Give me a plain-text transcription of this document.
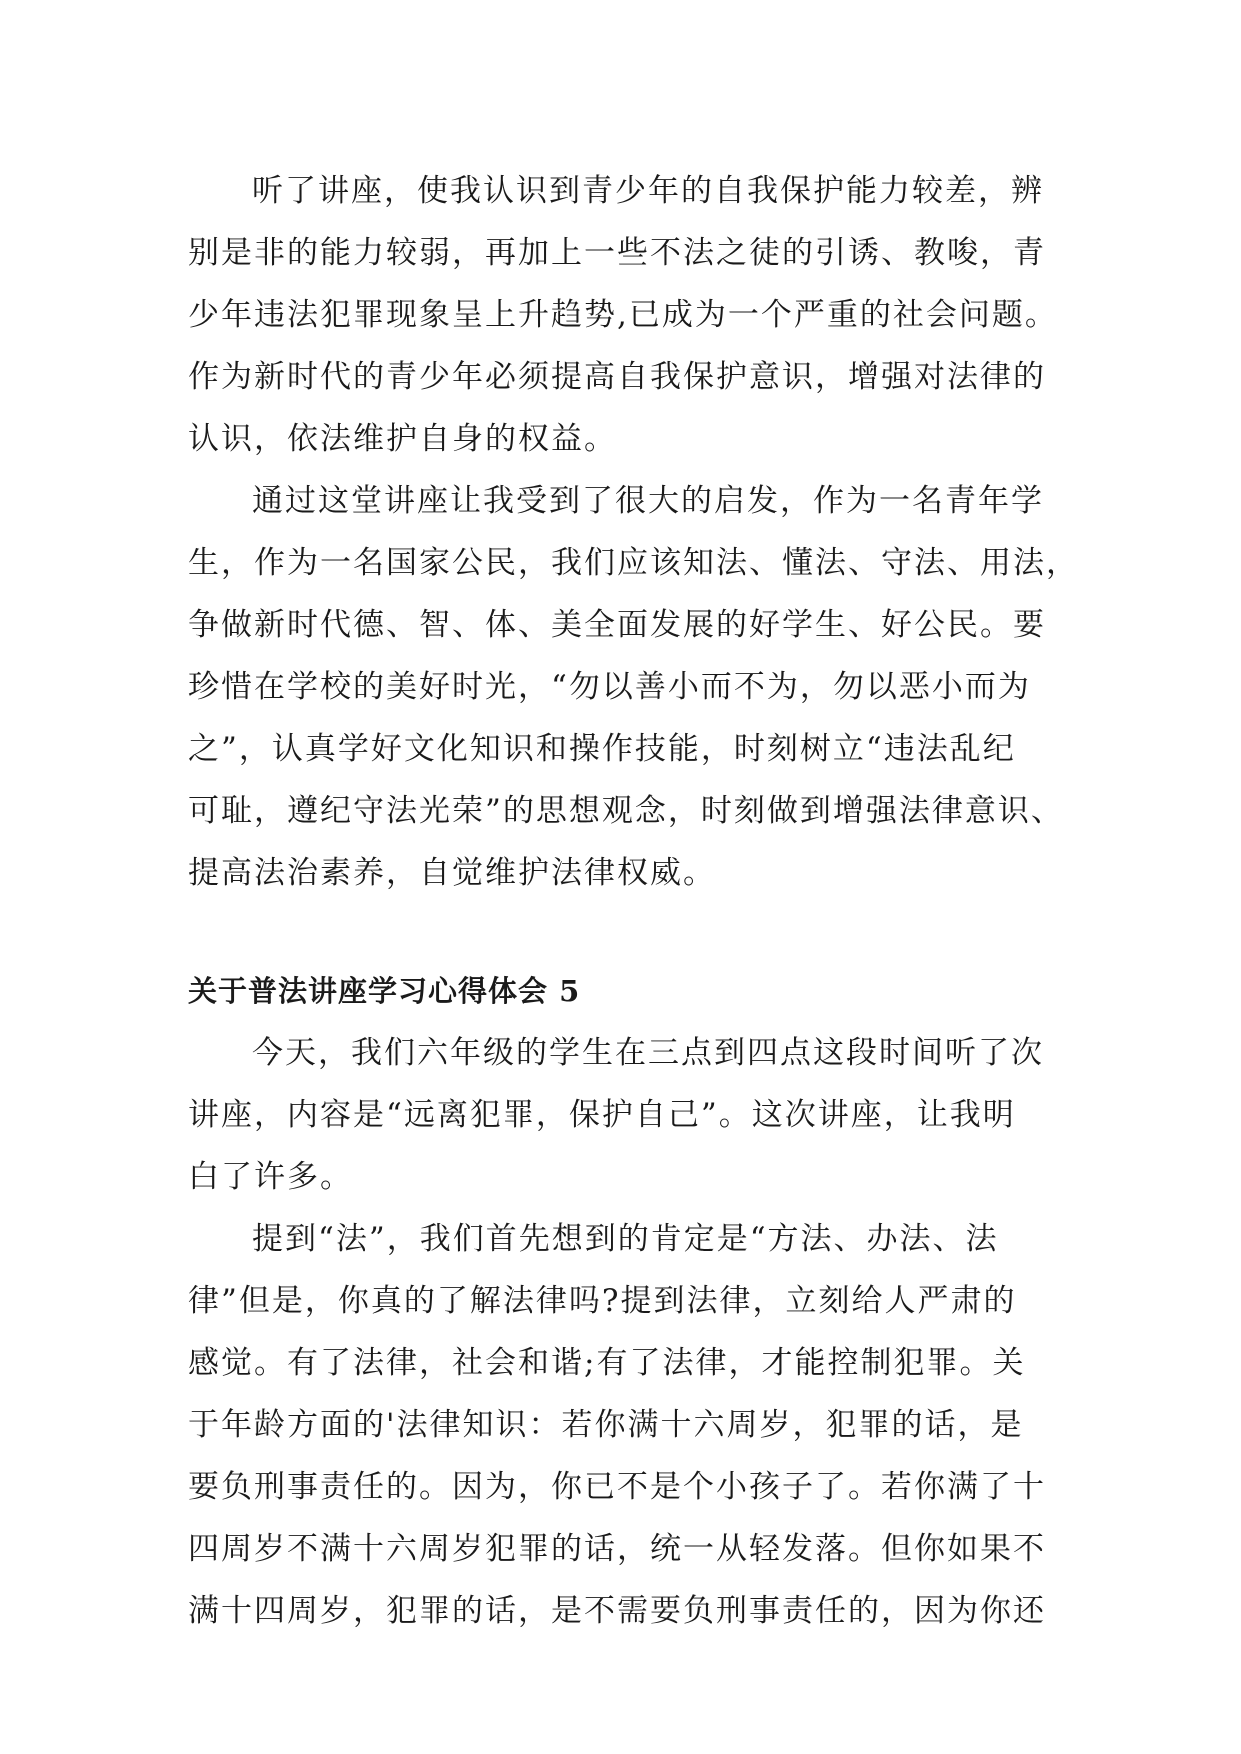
听了讲座，使我认识到青少年的自我保护能力较差，辨
别是非的能力较弱，再加上一些不法之徒的引诱、教唆，青
少年违法犯罪现象呈上升趋势,已成为一个严重的社会问题。
作为新时代的青少年必须提高自我保护意识，增强对法律的
认识，依法维护自身的权益。
通过这堂讲座让我受到了很大的启发，作为一名青年学
生，作为一名国家公民，我们应该知法、懂法、守法、用法，
争做新时代德、智、体、美全面发展的好学生、好公民。要
珍惜在学校的美好时光，“勿以善小而不为，勿以恶小而为
之”，认真学好文化知识和操作技能，时刻树立“违法乱纪
可耻，遵纪守法光荣”的思想观念，时刻做到增强法律意识、
提高法治素养，自觉维护法律权威。
关于普法讲座学习心得体会 5
今天，我们六年级的学生在三点到四点这段时间听了次
讲座，内容是“远离犯罪，保护自己”。这次讲座，让我明
白了许多。
提到“法”，我们首先想到的肯定是“方法、办法、法
律”但是，你真的了解法律吗?提到法律，立刻给人严肃的
感觉。有了法律，社会和谐;有了法律，才能控制犯罪。关
于年龄方面的'法律知识：若你满十六周岁，犯罪的话，是
要负刑事责任的。因为，你已不是个小孩子了。若你满了十
四周岁不满十六周岁犯罪的话，统一从轻发落。但你如果不
满十四周岁，犯罪的话，是不需要负刑事责任的，因为你还
